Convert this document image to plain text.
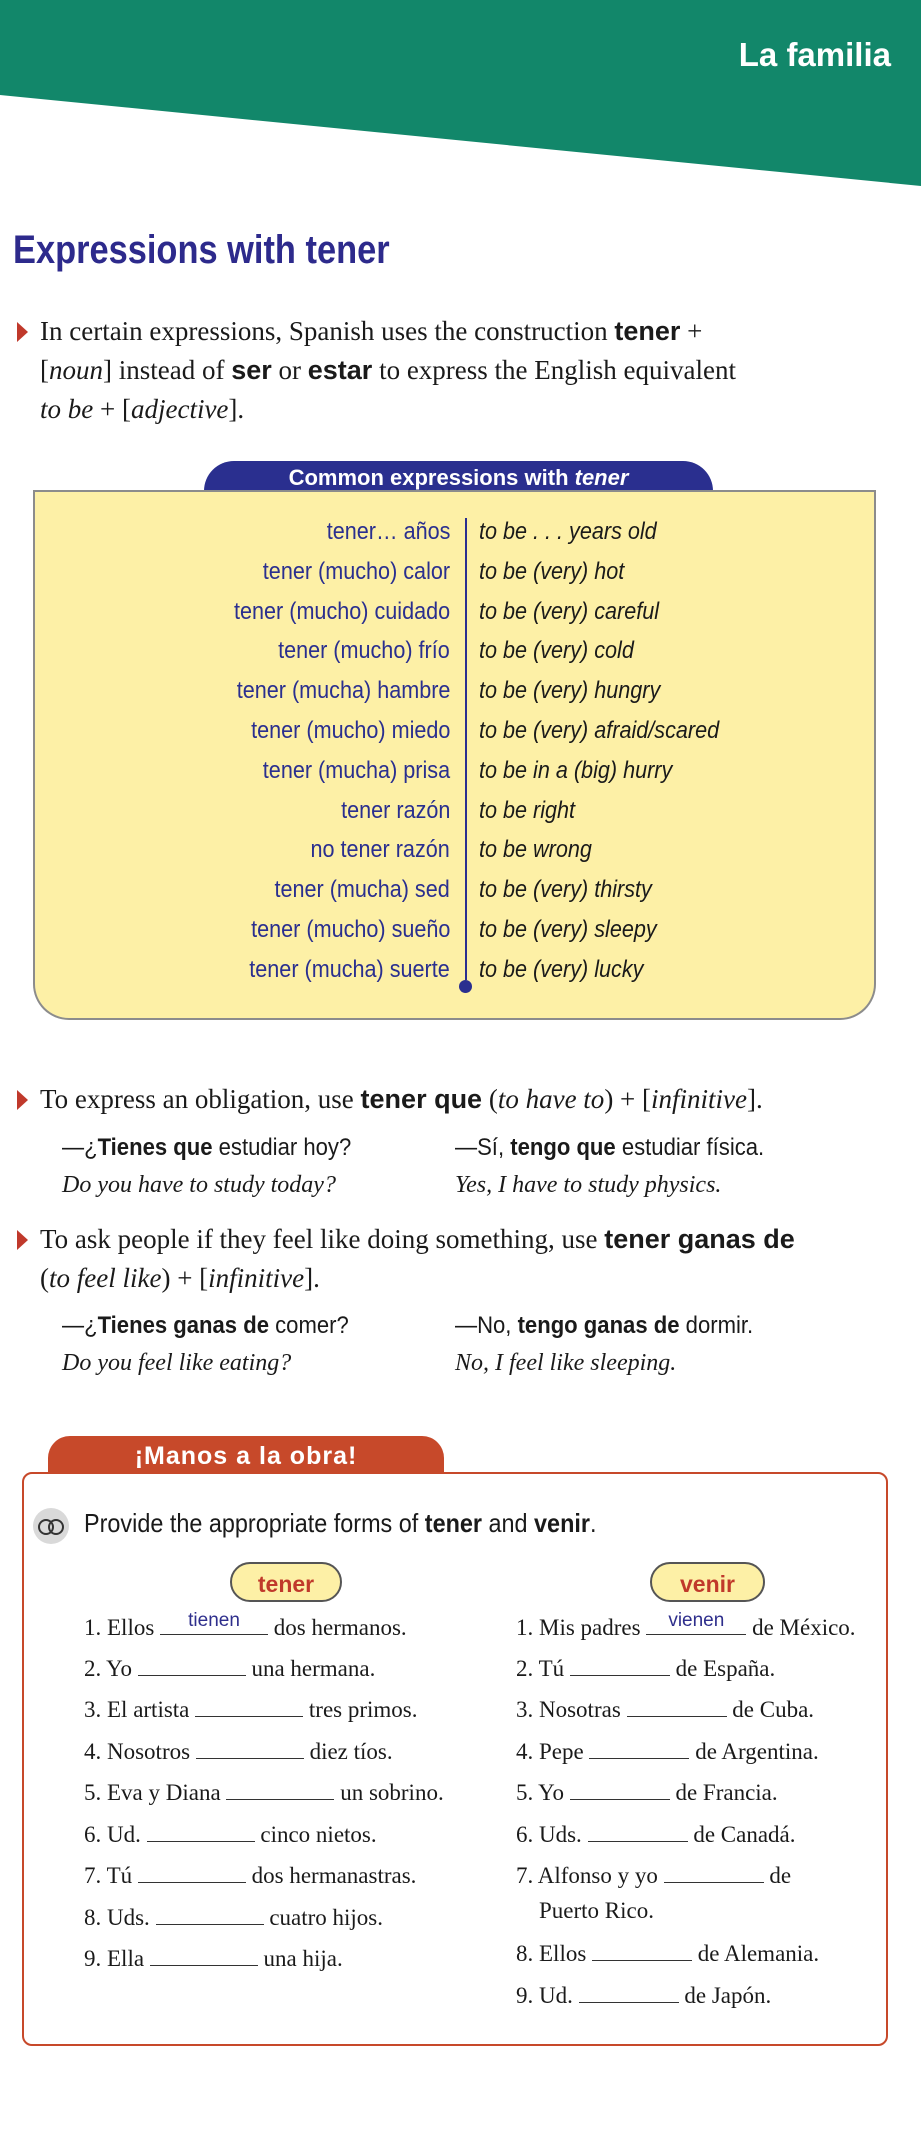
La familia
Expressions with tener
In certain expressions, Spanish uses the construction tener +
[noun] instead of ser or estar to express the English equivalent
to be + [adjective].
Common expressions with tener
tener… años to be . . . years old
tener (mucho) calor to be (very) hot
tener (mucho) cuidado to be (very) careful
tener (mucho) frío to be (very) cold
tener (mucha) hambre to be (very) hungry
tener (mucho) miedo to be (very) afraid/scared
tener (mucha) prisa to be in a (big) hurry
tener razón to be right
no tener razón to be wrong
tener (mucha) sed to be (very) thirsty
tener (mucho) sueño to be (very) sleepy
tener (mucha) suerte to be (very) lucky
To express an obligation, use tener que (to have to) + [infinitive].
—¿Tienes que estudiar hoy?
Do you have to study today?
—Sí, tengo que estudiar física.
Yes, I have to study physics.
To ask people if they feel like doing something, use tener ganas de
(to feel like) + [infinitive].
—¿Tienes ganas de comer?
Do you feel like eating?
—No, tengo ganas de dormir.
No, I feel like sleeping.
¡Manos a la obra!
Provide the appropriate forms of tener and venir.
tener	venir
1. Ellos	tienen	dos hermanos.
2. Yo	una hermana.
3. El artista	tres primos.
4. Nosotros	diez tíos.
5. Eva y Diana	un sobrino.
6. Ud.	cinco nietos.
7. Tú	dos hermanastras.
8. Uds.	cuatro hijos.
9. Ella	una hija.
1. Mis padres	vienen de México.
2. Tú	de España.
3. Nosotras	de Cuba.
4. Pepe	de Argentina.
5. Yo	de Francia.
6. Uds.	de Canadá.
7. Alfonso y yo	de
Puerto Rico.
8. Ellos	de Alemania.
9. Ud.	de Japón.
